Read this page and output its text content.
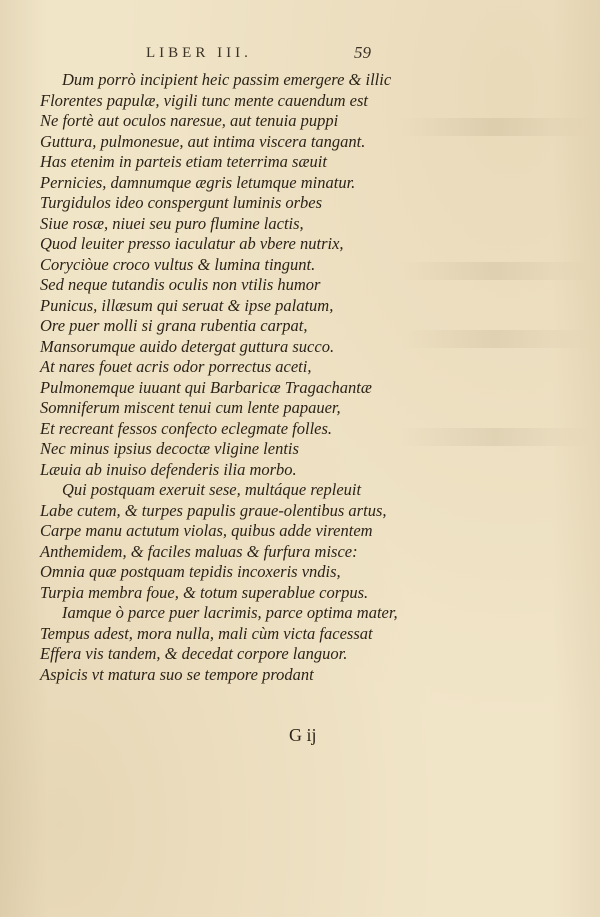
LIBER III.	59
Dum porrò incipient heic passim emergere & illic
Florentes papulæ, vigili tunc mente cauendum est
Ne fortè aut oculos naresue, aut tenuia puppi
Guttura, pulmonesue, aut intima viscera tangant.
Has etenim in parteis etiam teterrima sæuit
Pernicies, damnumque ægris letumque minatur.
Turgidulos ideo conspergunt luminis orbes
Siue rosæ, niuei seu puro flumine lactis,
Quod leuiter presso iaculatur ab vbere nutrix,
Coryciòue croco vultus & lumina tingunt.
Sed neque tutandis oculis non vtilis humor
Punicus, illæsum qui seruat & ipse palatum,
Ore puer molli si grana rubentia carpat,
Mansorumque auido detergat guttura succo.
At nares fouet acris odor porrectus aceti,
Pulmonemque iuuant qui Barbaricæ Tragachantæ
Somniferum miscent tenui cum lente papauer,
Et recreant fessos confecto eclegmate folles.
Nec minus ipsius decoctæ vligine lentis
Læuia ab inuiso defenderis ilia morbo.
Qui postquam exeruit sese, multáque repleuit
Labe cutem, & turpes papulis graue-olentibus artus,
Carpe manu actutum violas, quibus adde virentem
Anthemidem, & faciles maluas & furfura misce:
Omnia quæ postquam tepidis incoxeris vndis,
Turpia membra foue, & totum superablue corpus.
Iamque ò parce puer lacrimis, parce optima mater,
Tempus adest, mora nulla, mali cùm victa facessat
Effera vis tandem, & decedat corpore languor.
Aspicis vt matura suo se tempore prodant
G ij
